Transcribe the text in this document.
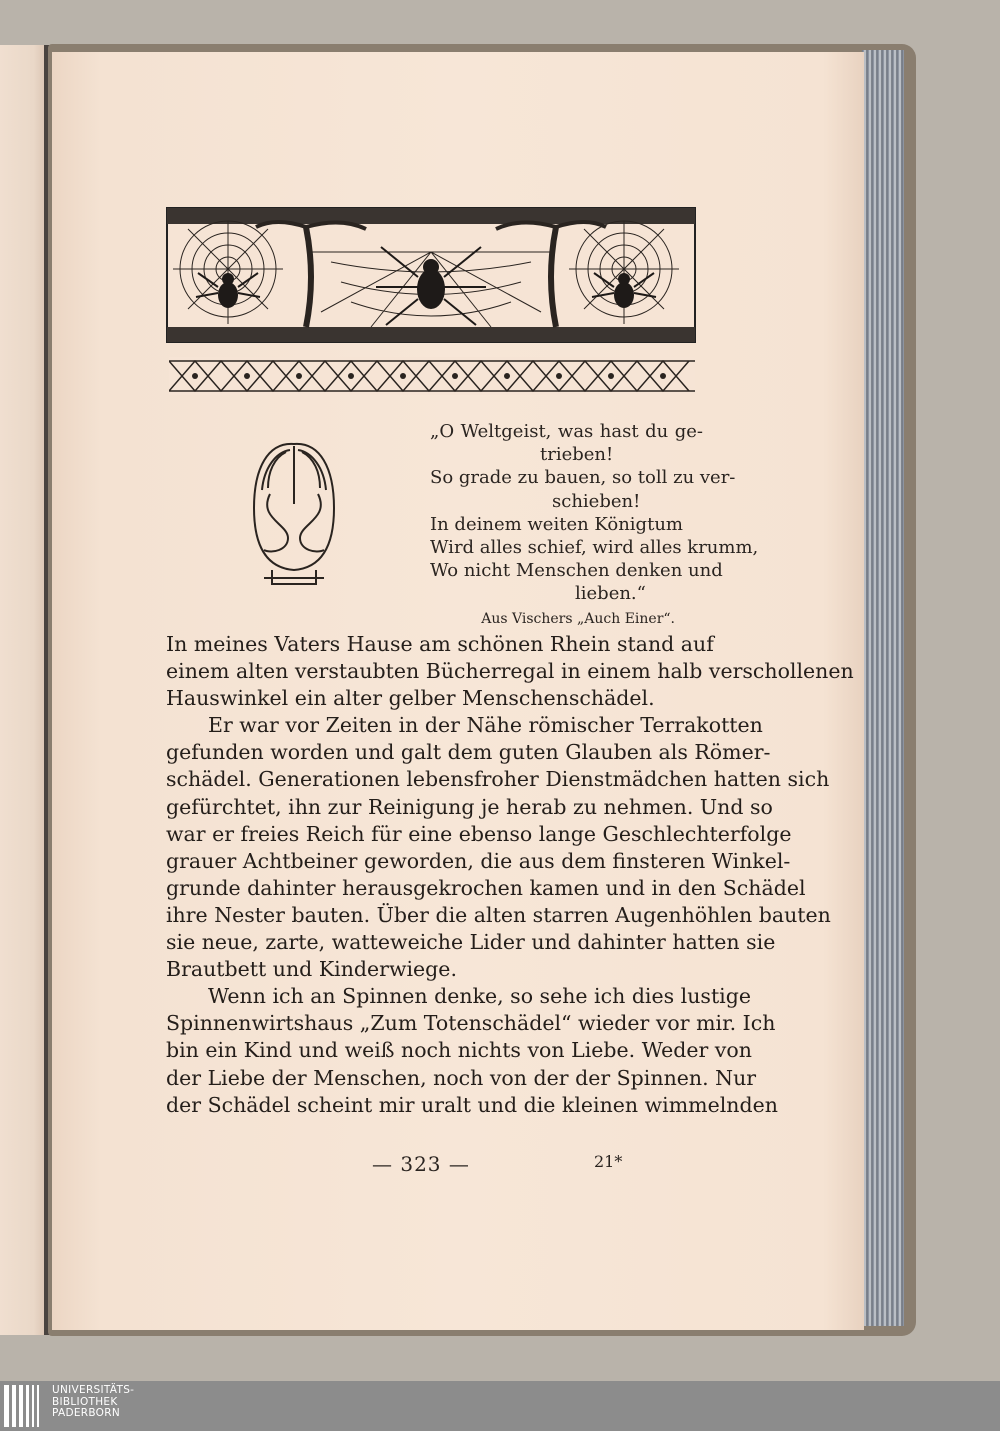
„O Weltgeist, was hast du ge-
trieben!
So grade zu bauen, so toll zu ver-
schieben!
In deinem weiten Königtum
Wird alles schief, wird alles krumm,
Wo nicht Menschen denken und
lieben.“
Aus Vischers „Auch Einer“.
In meines Vaters Hause am schönen Rhein stand auf
einem alten verstaubten Bücherregal in einem halb verschollenen
Hauswinkel ein alter gelber Menschenschädel.
Er war vor Zeiten in der Nähe römischer Terrakotten
gefunden worden und galt dem guten Glauben als Römer-
schädel. Generationen lebensfroher Dienstmädchen hatten sich
gefürchtet, ihn zur Reinigung je herab zu nehmen. Und so
war er freies Reich für eine ebenso lange Geschlechterfolge
grauer Achtbeiner geworden, die aus dem finsteren Winkel-
grunde dahinter herausgekrochen kamen und in den Schädel
ihre Nester bauten. Über die alten starren Augenhöhlen bauten
sie neue, zarte, watteweiche Lider und dahinter hatten sie
Brautbett und Kinderwiege.
Wenn ich an Spinnen denke, so sehe ich dies lustige
Spinnenwirtshaus „Zum Totenschädel“ wieder vor mir. Ich
bin ein Kind und weiß noch nichts von Liebe. Weder von
der Liebe der Menschen, noch von der der Spinnen. Nur
der Schädel scheint mir uralt und die kleinen wimmelnden
— 323 —	21*
UNIVERSITÄTS-
BIBLIOTHEK
PADERBORN
